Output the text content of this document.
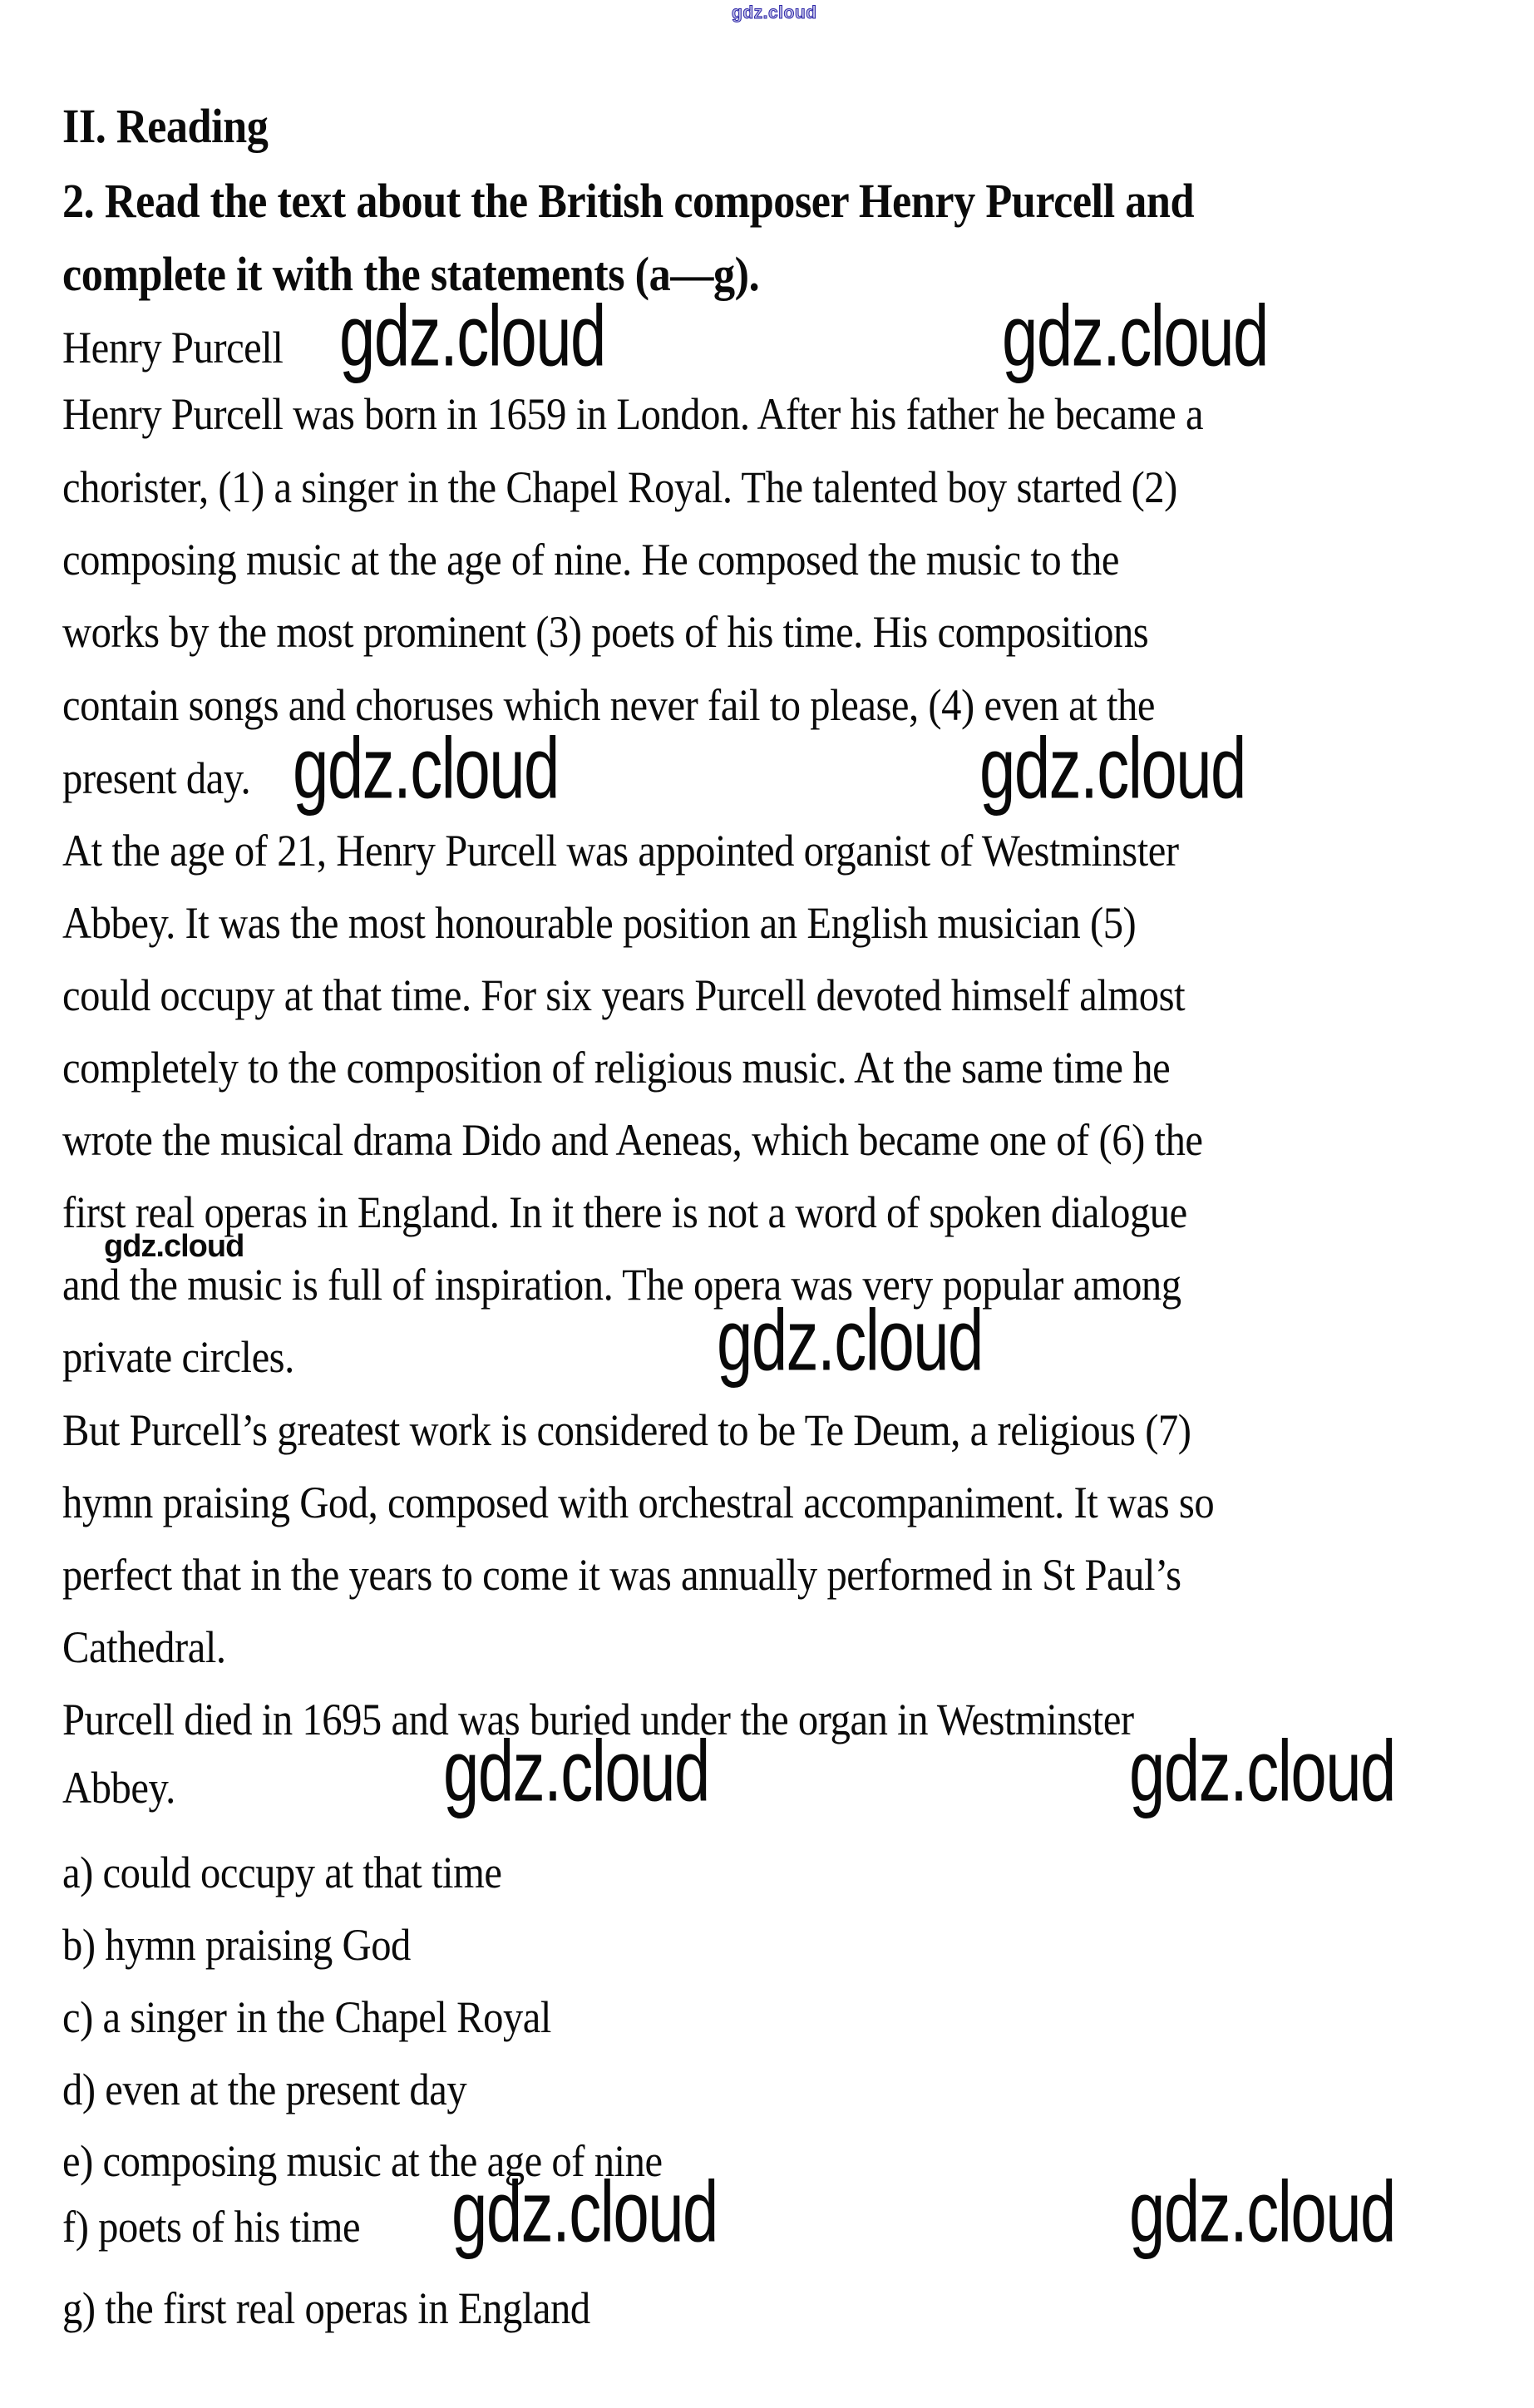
gdz.cloud
II. Reading
2. Read the text about the British composer Henry Purcell and
complete it with the statements (a—g).
Henry Purcell gdz.cloud	gdz.cloud
Henry Purcell was born in 1659 in London. After his father he became a
chorister, (1) a singer in the Chapel Royal. The talented boy started (2)
composing music at the age of nine. He composed the music to the
works by the most prominent (3) poets of his time. His compositions
contain songs and choruses which never fail to please, (4) even at the
present day. gdz.cloud	gdz.cloud
At the age of 21, Henry Purcell was appointed organist of Westminster
Abbey. It was the most honourable position an English musician (5)
could occupy at that time. For six years Purcell devoted himself almost
completely to the composition of religious music. At the same time he
wrote the musical drama Dido and Aeneas, which became one of (6) the
first real operas in England. In it there is not a word of spoken dialogue
gdz.cloud
and the music is full of inspiration. The opera was very popular among
private circles.	gdz.cloud
But Purcell’s greatest work is considered to be Te Deum, a religious (7)
hymn praising God, composed with orchestral accompaniment. It was so
perfect that in the years to come it was annually performed in St Paul’s
Cathedral.
Purcell died in 1695 and was buried under the organ in Westminster
Abbey.	gdz.cloud	gdz.cloud
a) could occupy at that time
b) hymn praising God
c) a singer in the Chapel Royal
d) even at the present day
e) composing music at the age of nine
f) poets of his time gdz.cloud	gdz.cloud
g) the first real operas in England
